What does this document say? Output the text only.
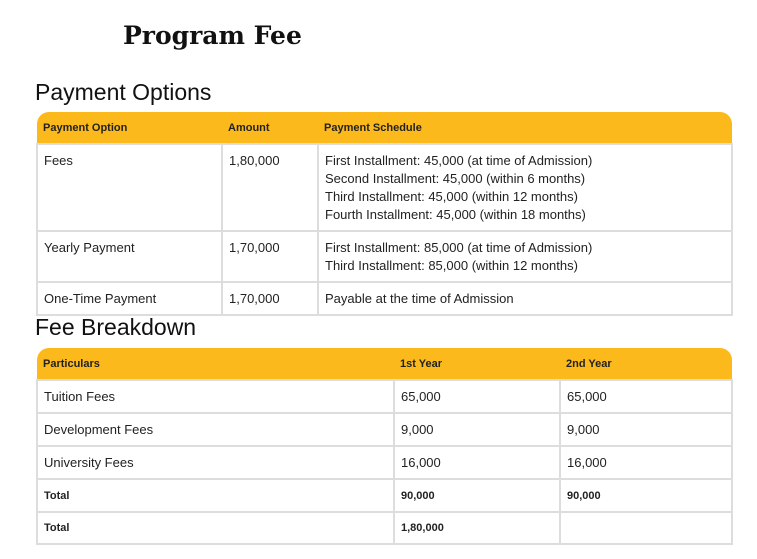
Program Fee
Payment Options
Payment Option	Amount	Payment Schedule
Fees	1,80,000	First Installment: 45,000 (at time of Admission)
Second Installment: 45,000 (within 6 months)
Third Installment: 45,000 (within 12 months)
Fourth Installment: 45,000 (within 18 months)

Yearly Payment	1,70,000	First Installment: 85,000 (at time of Admission)
Third Installment: 85,000 (within 12 months)

One-Time Payment	1,70,000	Payable at the time of Admission
Fee Breakdown
Particulars	1st Year	2nd Year
Tuition Fees	65,000	65,000
Development Fees	9,000	9,000
University Fees	16,000	16,000
Total	90,000	90,000
Total	1,80,000	
